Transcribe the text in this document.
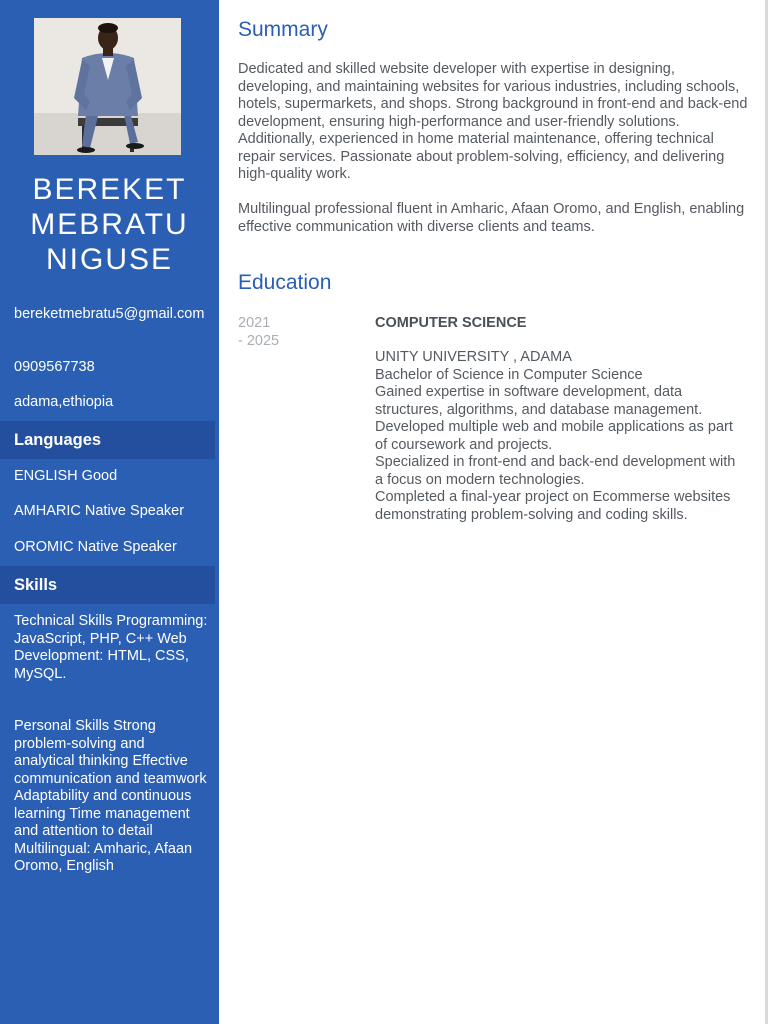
BEREKET
MEBRATU
NIGUSE
bereketmebratu5@gmail.com
0909567738
adama,ethiopia
Languages
ENGLISH Good
AMHARIC Native Speaker
OROMIC Native Speaker
Skills
Technical Skills Programming: JavaScript, PHP, C++ Web Development: HTML, CSS, MySQL.
Personal Skills Strong problem-solving and analytical thinking Effective communication and teamwork Adaptability and continuous learning Time management and attention to detail Multilingual: Amharic, Afaan Oromo, English
Summary

Dedicated and skilled website developer with expertise in designing, developing, and maintaining websites for various industries, including schools, hotels, supermarkets, and shops. Strong background in front-end and back-end development, ensuring high-performance and user-friendly solutions. Additionally, experienced in home material maintenance, offering technical repair services. Passionate about problem-solving, efficiency, and delivering high-quality work.

Multilingual professional fluent in Amharic, Afaan Oromo, and English, enabling effective communication with diverse clients and teams.

Education
2021
- 2025
COMPUTER SCIENCE
UNITY UNIVERSITY , ADAMA
Bachelor of Science in Computer Science
Gained expertise in software development, data structures, algorithms, and database management.
Developed multiple web and mobile applications as part of coursework and projects.
Specialized in front-end and back-end development with a focus on modern technologies.
Completed a final-year project on Ecommerse websites demonstrating problem-solving and coding skills.
